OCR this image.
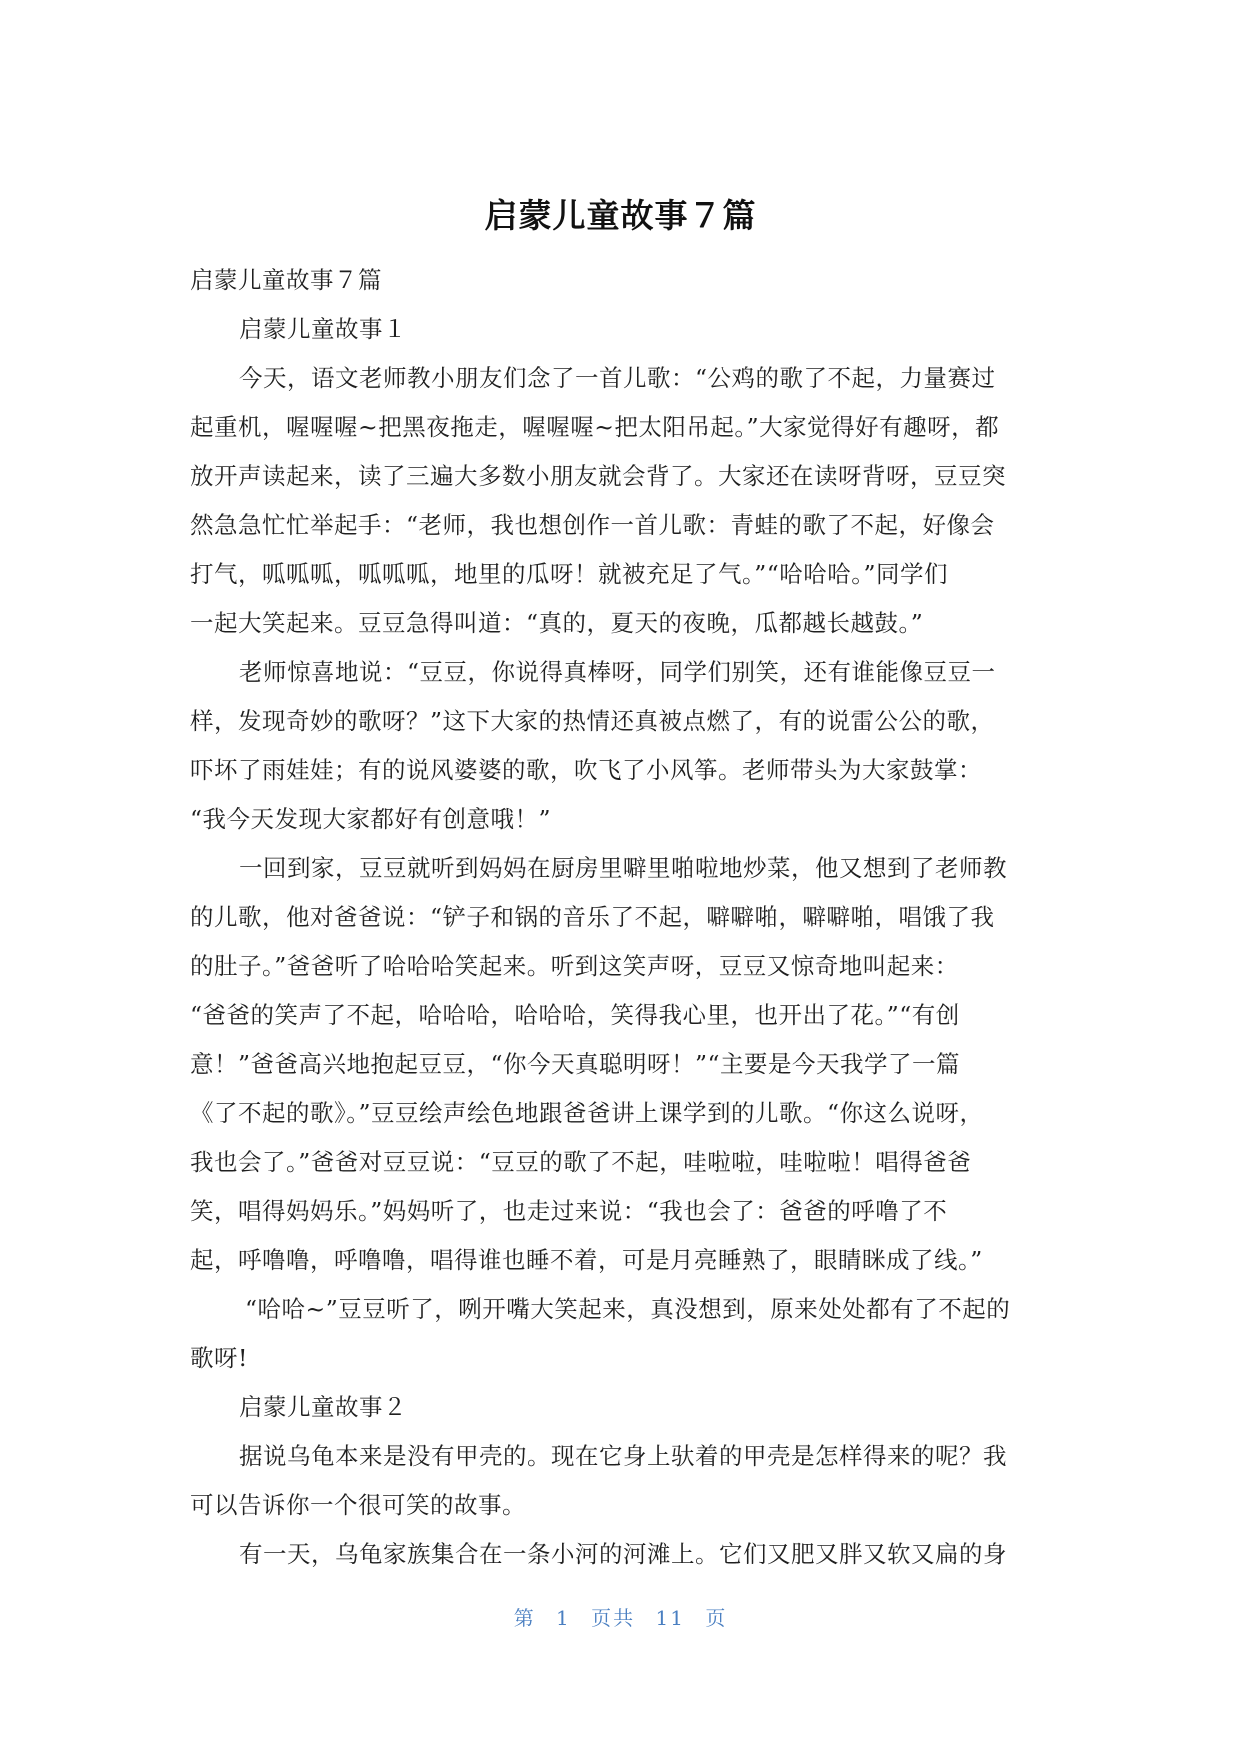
启蒙儿童故事７篇
启蒙儿童故事７篇
启蒙儿童故事１
今天，语文老师教小朋友们念了一首儿歌：“公鸡的歌了不起，力量赛过
起重机，喔喔喔~把黑夜拖走，喔喔喔~把太阳吊起。”大家觉得好有趣呀，都
放开声读起来，读了三遍大多数小朋友就会背了。大家还在读呀背呀，豆豆突
然急急忙忙举起手：“老师，我也想创作一首儿歌：青蛙的歌了不起，好像会
打气，呱呱呱，呱呱呱，地里的瓜呀！就被充足了气。”“哈哈哈。”同学们
一起大笑起来。豆豆急得叫道：“真的，夏天的夜晚，瓜都越长越鼓。”
老师惊喜地说：“豆豆，你说得真棒呀，同学们别笑，还有谁能像豆豆一
样，发现奇妙的歌呀？”这下大家的热情还真被点燃了，有的说雷公公的歌，
吓坏了雨娃娃；有的说风婆婆的歌，吹飞了小风筝。老师带头为大家鼓掌：
“我今天发现大家都好有创意哦！”
一回到家，豆豆就听到妈妈在厨房里噼里啪啦地炒菜，他又想到了老师教
的儿歌，他对爸爸说：“铲子和锅的音乐了不起，噼噼啪，噼噼啪，唱饿了我
的肚子。”爸爸听了哈哈哈笑起来。听到这笑声呀，豆豆又惊奇地叫起来：
“爸爸的笑声了不起，哈哈哈，哈哈哈，笑得我心里，也开出了花。”“有创
意！”爸爸高兴地抱起豆豆，“你今天真聪明呀！”“主要是今天我学了一篇
《了不起的歌》。”豆豆绘声绘色地跟爸爸讲上课学到的儿歌。“你这么说呀，
我也会了。”爸爸对豆豆说：“豆豆的歌了不起，哇啦啦，哇啦啦！唱得爸爸
笑，唱得妈妈乐。”妈妈听了，也走过来说：“我也会了：爸爸的呼噜了不
起，呼噜噜，呼噜噜，唱得谁也睡不着，可是月亮睡熟了，眼睛眯成了线。”
“哈哈~”豆豆听了，咧开嘴大笑起来，真没想到，原来处处都有了不起的
歌呀!
启蒙儿童故事２
据说乌龟本来是没有甲壳的。现在它身上驮着的甲壳是怎样得来的呢？我
可以告诉你一个很可笑的故事。
有一天，乌龟家族集合在一条小河的河滩上。它们又肥又胖又软又扁的身
第 1 页共 11 页
